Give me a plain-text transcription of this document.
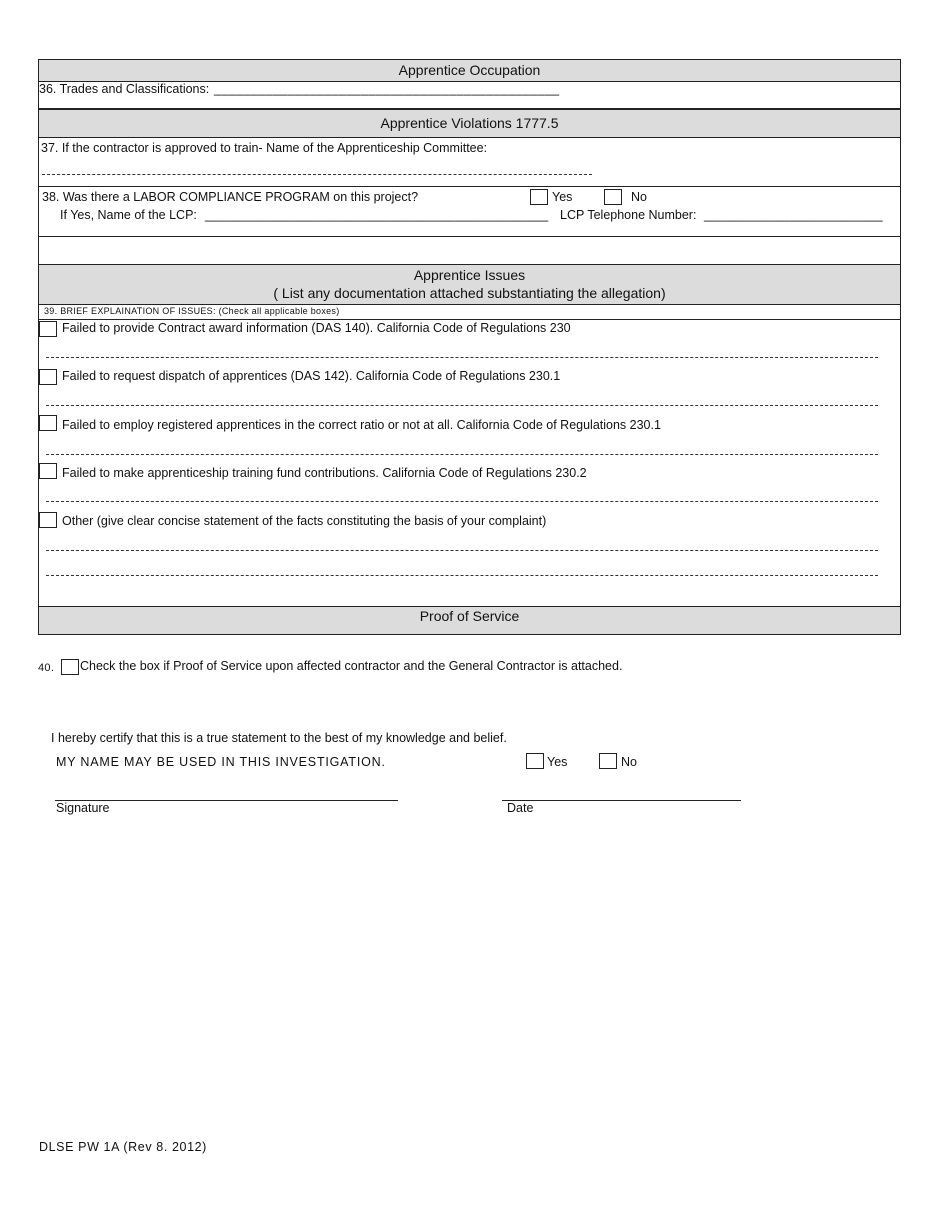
Apprentice Occupation
36. Trades and Classifications: _______________________________________________
Apprentice Violations 1777.5
37. If the contractor is approved to train- Name of the Apprenticeship Committee:
38. Was there a LABOR COMPLIANCE PROGRAM on this project?	Yes	No
If Yes, Name of the LCP: ________________________________________________ LCP Telephone Number: _________________________
Apprentice Issues
( List any documentation attached substantiating the allegation)
39. BRIEF EXPLAINATION OF ISSUES: (Check all applicable boxes)
Failed to provide Contract award information (DAS 140). California Code of Regulations 230
Failed to request dispatch of apprentices (DAS 142). California Code of Regulations 230.1
Failed to employ registered apprentices in the correct ratio or not at all. California Code of Regulations 230.1
Failed to make apprenticeship training fund contributions. California Code of Regulations 230.2
Other (give clear concise statement of the facts constituting the basis of your complaint)
Proof of Service
40. Check the box if Proof of Service upon affected contractor and the General Contractor is attached.
I hereby certify that this is a true statement to the best of my knowledge and belief.
MY NAME MAY BE USED IN THIS INVESTIGATION.	Yes	No
Signature	Date
DLSE PW 1A (Rev 8. 2012)
